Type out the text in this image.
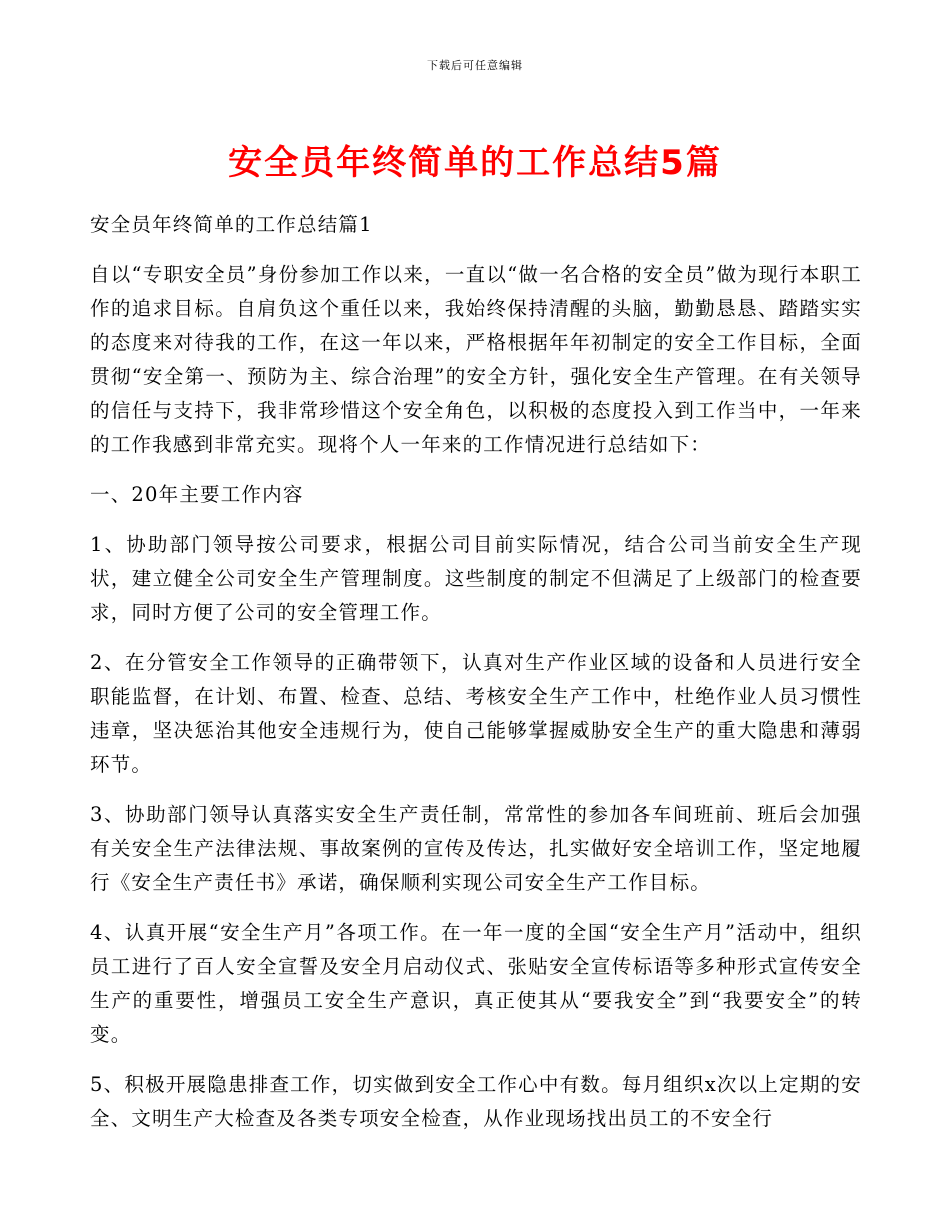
下载后可任意编辑
安全员年终简单的工作总结5篇

安全员年终简单的工作总结篇1

自以“专职安全员”身份参加工作以来，一直以“做一名合格的安全员”做为现行本职工作的追求目标。自肩负这个重任以来，我始终保持清醒的头脑，勤勤恳恳、踏踏实实的态度来对待我的工作，在这一年以来，严格根据年年初制定的安全工作目标，全面贯彻“安全第一、预防为主、综合治理”的安全方针，强化安全生产管理。在有关领导的信任与支持下，我非常珍惜这个安全角色，以积极的态度投入到工作当中，一年来的工作我感到非常充实。现将个人一年来的工作情况进行总结如下：

一、20年主要工作内容

1、协助部门领导按公司要求，根据公司目前实际情况，结合公司当前安全生产现状，建立健全公司安全生产管理制度。这些制度的制定不但满足了上级部门的检查要求，同时方便了公司的安全管理工作。

2、在分管安全工作领导的正确带领下，认真对生产作业区域的设备和人员进行安全职能监督，在计划、布置、检查、总结、考核安全生产工作中，杜绝作业人员习惯性违章，坚决惩治其他安全违规行为，使自己能够掌握威胁安全生产的重大隐患和薄弱环节。

3、协助部门领导认真落实安全生产责任制，常常性的参加各车间班前、班后会加强有关安全生产法律法规、事故案例的宣传及传达，扎实做好安全培训工作，坚定地履行《安全生产责任书》承诺，确保顺利实现公司安全生产工作目标。

4、认真开展“安全生产月”各项工作。在一年一度的全国“安全生产月”活动中，组织员工进行了百人安全宣誓及安全月启动仪式、张贴安全宣传标语等多种形式宣传安全生产的重要性，增强员工安全生产意识，真正使其从“要我安全”到“我要安全”的转变。

5、积极开展隐患排查工作，切实做到安全工作心中有数。每月组织x次以上定期的安全、文明生产大检查及各类专项安全检查，从作业现场找出员工的不安全行
